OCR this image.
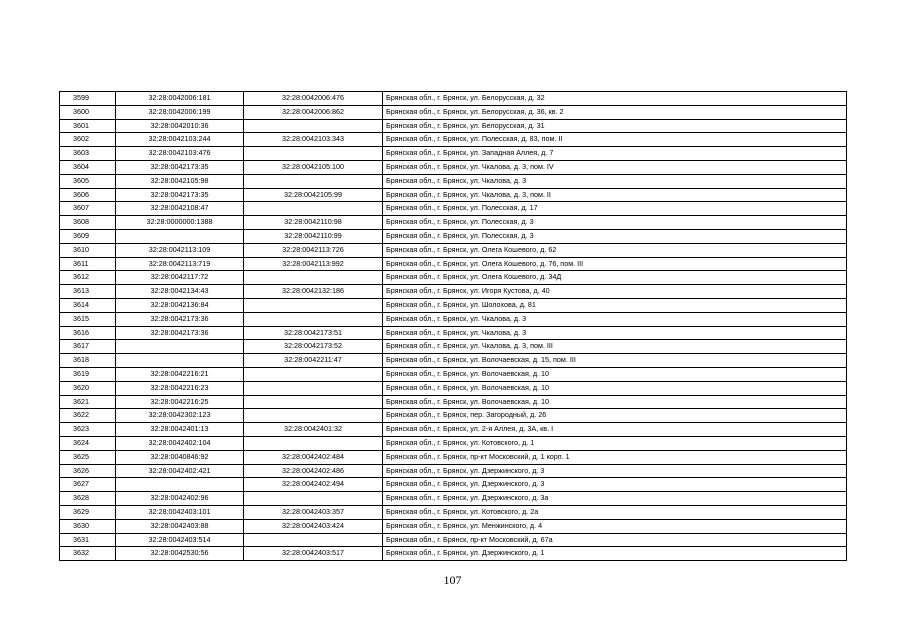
3599	32:28:0042006:181	32:28:0042006:476	Брянская обл., г. Брянск, ул. Белорусская, д. 32
3600	32:28:0042006:199	32:28:0042006:862	Брянская обл., г. Брянск, ул. Белорусская, д. 36, кв. 2
3601	32:28:0042010:36		Брянская обл., г. Брянск, ул. Белорусская, д. 31
3602	32:28:0042103:244	32:28:0042103:343	Брянская обл., г. Брянск, ул. Полесская, д. 83, пом. II
3603	32:28:0042103:476		Брянская обл., г. Брянск, ул. Западная Аллея, д. 7
3604	32:28:0042173:35	32:28:0042105:100	Брянская обл., г. Брянск, ул. Чкалова, д. 3, пом. IV
3605	32:28:0042105:98		Брянская обл., г. Брянск, ул. Чкалова, д. 3
3606	32:28:0042173:35	32:28:0042105:99	Брянская обл., г. Брянск, ул. Чкалова, д. 3, пом. II
3607	32:28:0042108:47		Брянская обл., г. Брянск, ул. Полесская, д. 17
3608	32:28:0000000:1388	32:28:0042110:98	Брянская обл., г. Брянск, ул. Полесская, д. 3
3609		32:28:0042110:99	Брянская обл., г. Брянск, ул. Полесская, д. 3
3610	32:28:0042113:109	32:28:0042113:726	Брянская обл., г. Брянск, ул. Олега Кошевого, д. 62
3611	32:28:0042113:719	32:28:0042113:992	Брянская обл., г. Брянск, ул. Олега Кошевого, д. 76, пом. III
3612	32:28:0042117:72		Брянская обл., г. Брянск, ул. Олега Кошевого, д. 34Д
3613	32:28:0042134:43	32:28:0042132:186	Брянская обл., г. Брянск, ул. Игоря Кустова, д. 40
3614	32:28:0042136:84		Брянская обл., г. Брянск, ул. Шолохова, д. 81
3615	32:28:0042173:36		Брянская обл., г. Брянск, ул. Чкалова, д. 3
3616	32:28:0042173:36	32:28:0042173:51	Брянская обл., г. Брянск, ул. Чкалова, д. 3
3617		32:28:0042173:52	Брянская обл., г. Брянск, ул. Чкалова, д. 3, пом. III
3618		32:28:0042211:47	Брянская обл., г. Брянск, ул. Волочаевская, д. 15, пом. III
3619	32:28:0042216:21		Брянская обл., г. Брянск, ул. Волочаевская, д. 10
3620	32:28:0042216:23		Брянская обл., г. Брянск, ул. Волочаевская, д. 10
3621	32:28:0042216:25		Брянская обл., г. Брянск, ул. Волочаевская, д. 10
3622	32:28:0042302:123		Брянская обл., г. Брянск, пер. Загородный, д. 26
3623	32:28:0042401:13	32:28:0042401:32	Брянская обл., г. Брянск, ул. 2-я Аллея, д. 3А, кв. I
3624	32:28:0042402:104		Брянская обл., г. Брянск, ул. Котовского, д. 1
3625	32:28:0040846:92	32:28:0042402:484	Брянская обл., г. Брянск, пр-кт Московский, д. 1 корп. 1
3626	32:28:0042402:421	32:28:0042402:486	Брянская обл., г. Брянск, ул. Дзержинского, д. 3
3627		32:28:0042402:494	Брянская обл., г. Брянск, ул. Дзержинского, д. 3
3628	32:28:0042402:96		Брянская обл., г. Брянск, ул. Дзержинского, д. 3а
3629	32:28:0042403:101	32:28:0042403:357	Брянская обл., г. Брянск, ул. Котовского, д. 2а
3630	32:28:0042403:88	32:28:0042403:424	Брянская обл., г. Брянск, ул. Менжинского, д. 4
3631	32:28:0042403:514		Брянская обл., г. Брянск, пр-кт Московский, д. 67а
3632	32:28:0042530:56	32:28:0042403:517	Брянская обл., г. Брянск, ул. Дзержинского, д. 1
107
